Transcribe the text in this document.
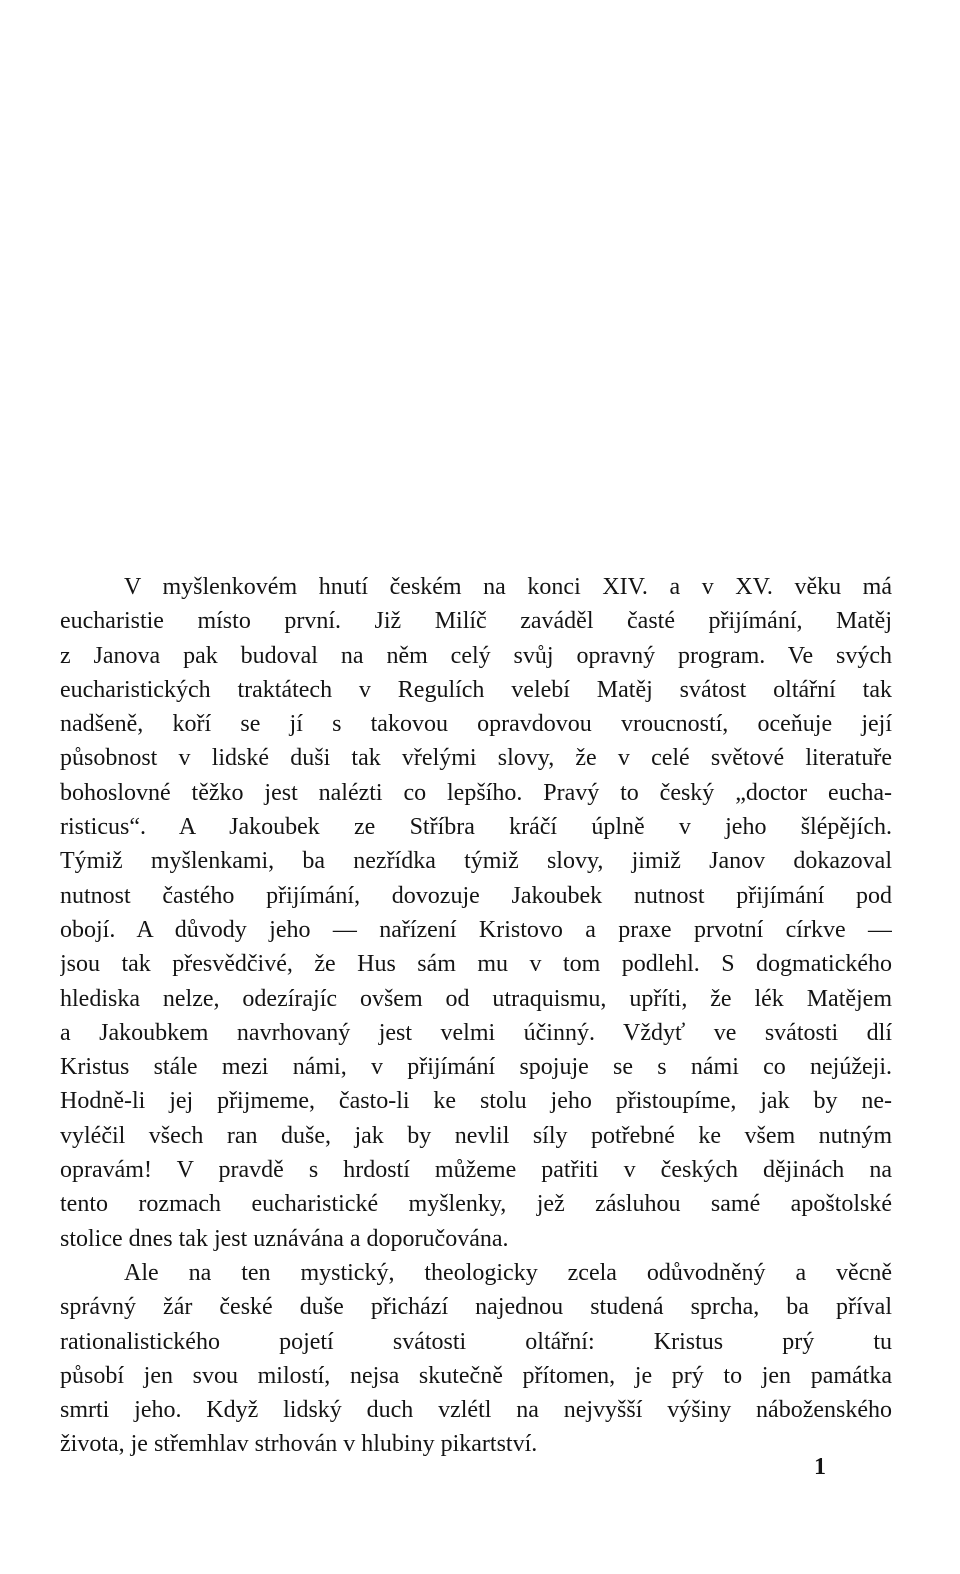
V myšlenkovém hnutí českém na konci XIV. a v XV. věku má
eucharistie místo první. Již Milíč zaváděl časté přijímání, Matěj
z Janova pak budoval na něm celý svůj opravný program. Ve svých
eucharistických traktátech v Regulích velebí Matěj svátost oltářní tak
nadšeně, koří se jí s takovou opravdovou vroucností, oceňuje její
působnost v lidské duši tak vřelými slovy, že v celé světové literatuře
bohoslovné těžko jest nalézti co lepšího. Pravý to český „doctor eucha-
risticus“. A Jakoubek ze Stříbra kráčí úplně v jeho šlépějích.
Týmiž myšlenkami, ba nezřídka týmiž slovy, jimiž Janov dokazoval
nutnost častého přijímání, dovozuje Jakoubek nutnost přijímání pod
obojí. A důvody jeho — nařízení Kristovo a praxe prvotní církve —
jsou tak přesvědčivé, že Hus sám mu v tom podlehl. S dogmatického
hlediska nelze, odezírajíc ovšem od utraquismu, upříti, že lék Matějem
a Jakoubkem navrhovaný jest velmi účinný. Vždyť ve svátosti dlí
Kristus stále mezi námi, v přijímání spojuje se s námi co nejúžeji.
Hodně-li jej přijmeme, často-li ke stolu jeho přistoupíme, jak by ne-
vyléčil všech ran duše, jak by nevlil síly potřebné ke všem nutným
opravám! V pravdě s hrdostí můžeme patřiti v českých dějinách na
tento rozmach eucharistické myšlenky, jež zásluhou samé apoštolské
stolice dnes tak jest uznávána a doporučována.
Ale na ten mystický, theologicky zcela odůvodněný a věcně
správný žár české duše přichází najednou studená sprcha, ba příval
rationalistického pojetí svátosti oltářní: Kristus prý tu
působí jen svou milostí, nejsa skutečně přítomen, je prý to jen památka
smrti jeho. Když lidský duch vzlétl na nejvyšší výšiny náboženského
života, je střemhlav strhován v hlubiny pikartství.
1
